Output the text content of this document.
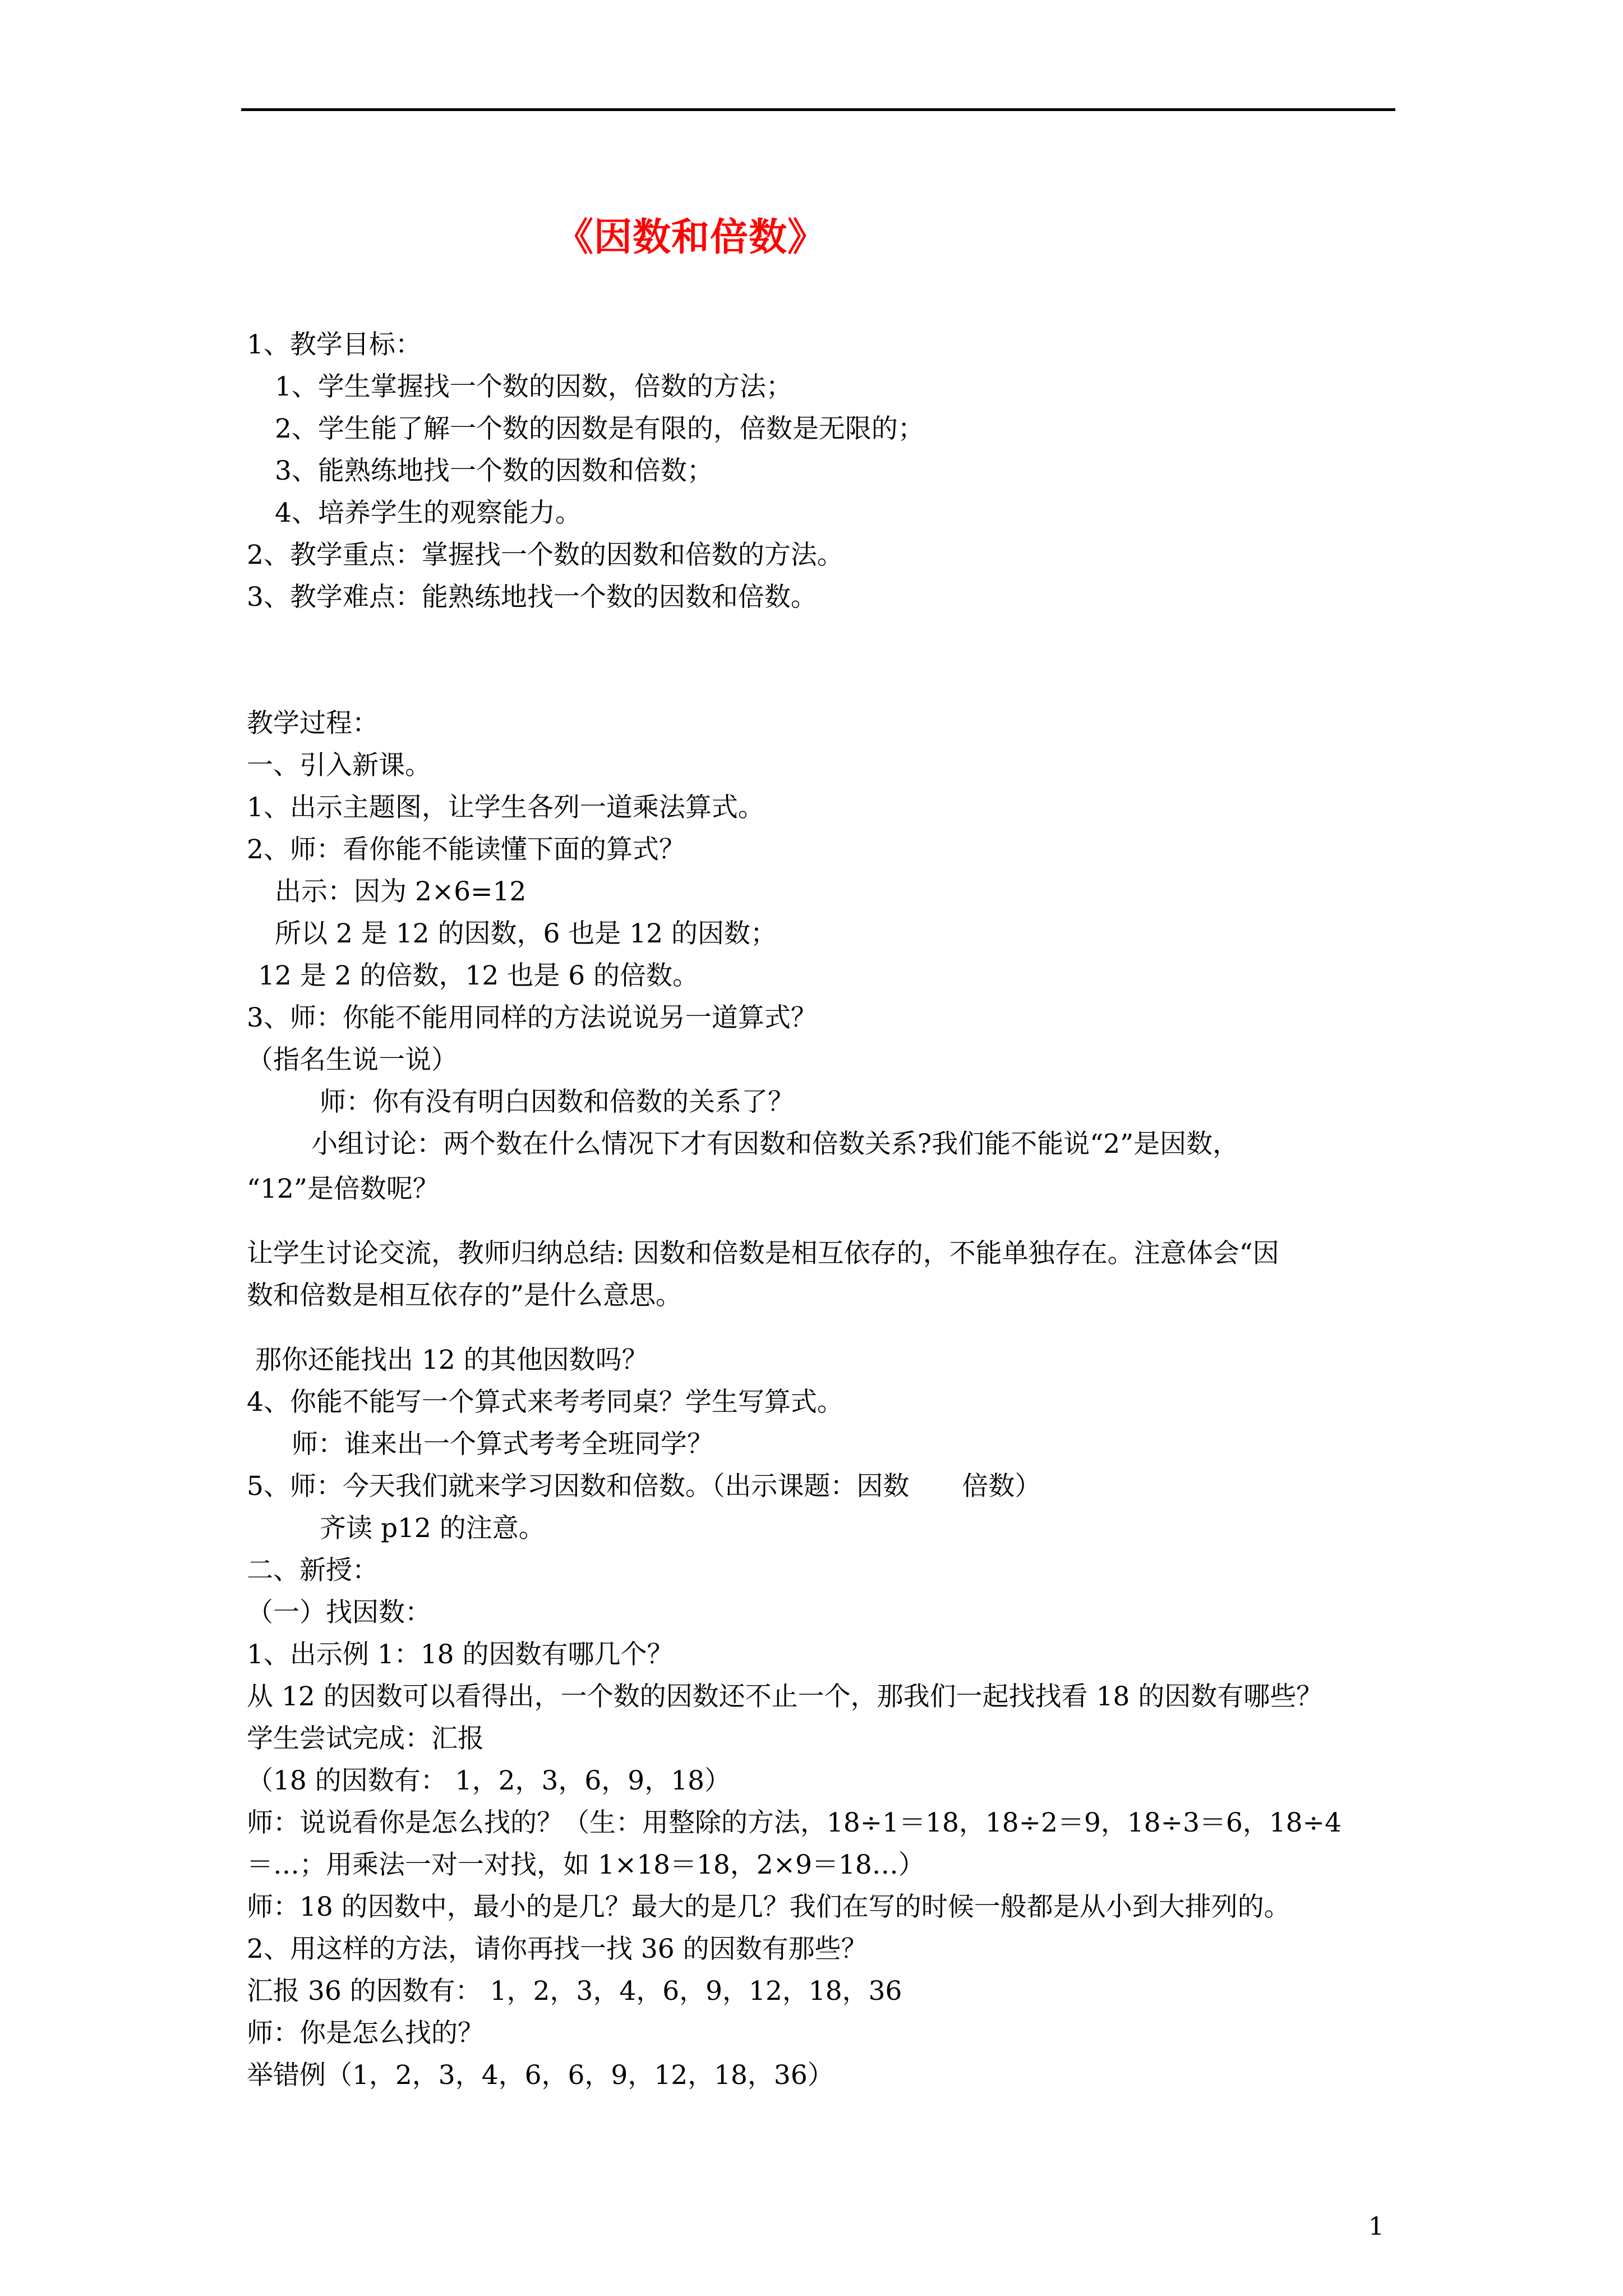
《因数和倍数》
1、教学目标：
1、学生掌握找一个数的因数，倍数的方法；
2、学生能了解一个数的因数是有限的，倍数是无限的；
3、能熟练地找一个数的因数和倍数；
4、培养学生的观察能力。
2、教学重点：掌握找一个数的因数和倍数的方法。
3、教学难点：能熟练地找一个数的因数和倍数。
教学过程：
一、引入新课。
1、出示主题图，让学生各列一道乘法算式。
2、师：看你能不能读懂下面的算式？
出示：因为 2×6=12
所以 2 是 12 的因数，6 也是 12 的因数；
12 是 2 的倍数，12 也是 6 的倍数。
3、师：你能不能用同样的方法说说另一道算式？
（指名生说一说）
师：你有没有明白因数和倍数的关系了？
小组讨论：两个数在什么情况下才有因数和倍数关系?我们能不能说“2”是因数，
“12”是倍数呢？
让学生讨论交流，教师归纳总结: 因数和倍数是相互依存的，不能单独存在。注意体会“因
数和倍数是相互依存的”是什么意思。
那你还能找出 12 的其他因数吗？
4、你能不能写一个算式来考考同桌？学生写算式。
师：谁来出一个算式考考全班同学？
5、师：今天我们就来学习因数和倍数。（出示课题：因数　　倍数）
齐读 p12 的注意。
二、新授：
（一）找因数：
1、出示例 1：18 的因数有哪几个？
从 12 的因数可以看得出，一个数的因数还不止一个，那我们一起找找看 18 的因数有哪些？
学生尝试完成：汇报
（18 的因数有： 1，2，3，6，9，18）
师：说说看你是怎么找的？（生：用整除的方法，18÷1＝18，18÷2＝9，18÷3＝6，18÷4
＝…；用乘法一对一对找，如 1×18＝18，2×9＝18…）
师：18 的因数中，最小的是几？最大的是几？我们在写的时候一般都是从小到大排列的。
2、用这样的方法，请你再找一找 36 的因数有那些？
汇报 36 的因数有： 1，2，3，4，6，9，12，18，36
师：你是怎么找的？
举错例（1，2，3，4，6，6，9，12，18，36）
1
